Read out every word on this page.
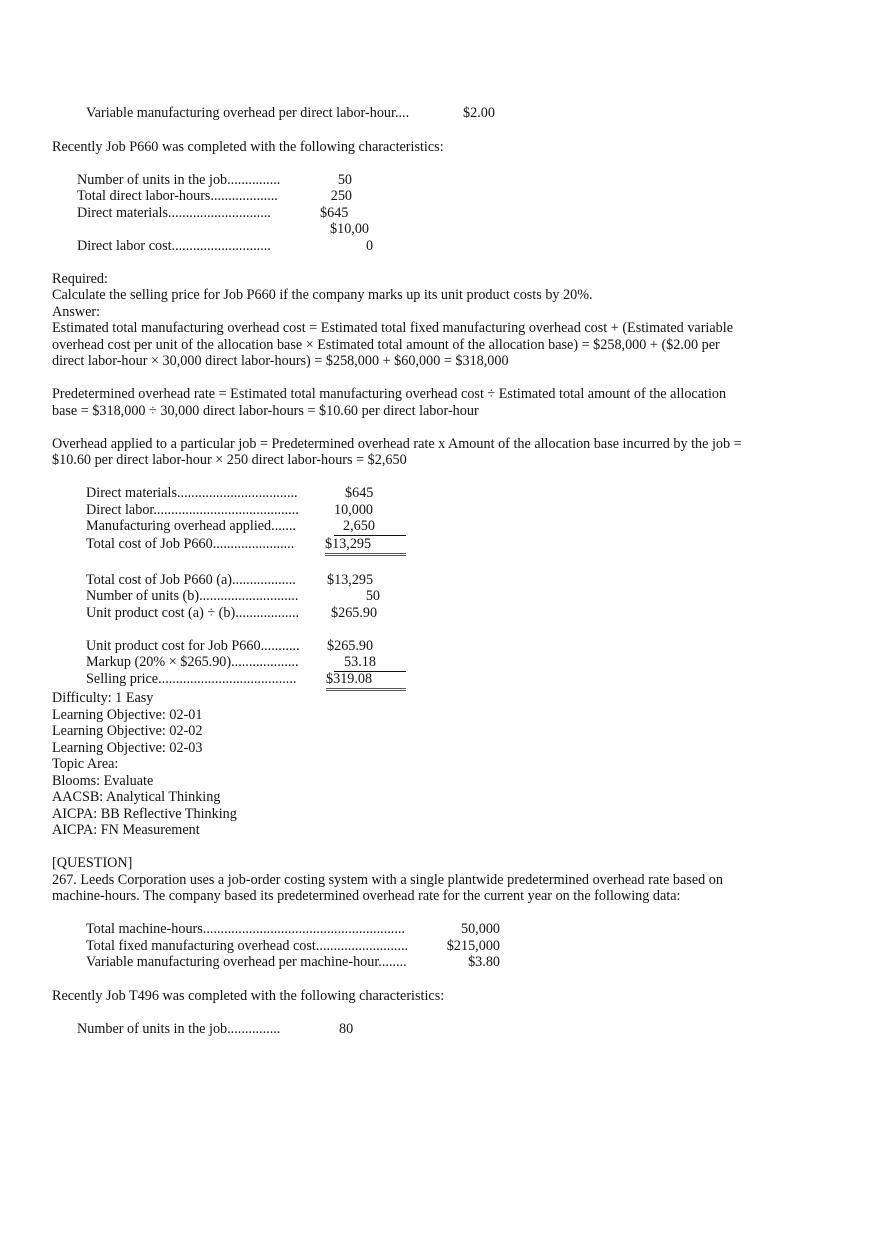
Variable manufacturing overhead per direct labor-hour....	$2.00
Recently Job P660 was completed with the following characteristics:
Number of units in the job...............	50
Total direct labor-hours...................	250
Direct materials.............................	$645
$10,00
Direct labor cost............................	0
Required:
Calculate the selling price for Job P660 if the company marks up its unit product costs by 20%.
Answer:
Estimated total manufacturing overhead cost = Estimated total fixed manufacturing overhead cost + (Estimated variable
overhead cost per unit of the allocation base × Estimated total amount of the allocation base) = $258,000 + ($2.00 per
direct labor-hour × 30,000 direct labor-hours) = $258,000 + $60,000 = $318,000
Predetermined overhead rate = Estimated total manufacturing overhead cost ÷ Estimated total amount of the allocation
base = $318,000 ÷ 30,000 direct labor-hours = $10.60 per direct labor-hour
Overhead applied to a particular job = Predetermined overhead rate x Amount of the allocation base incurred by the job =
$10.60 per direct labor-hour × 250 direct labor-hours = $2,650
Direct materials..................................	$645
Direct labor......................................... 10,000
Manufacturing overhead applied.......	2,650
Total cost of Job P660....................... $13,295
Total cost of Job P660 (a).................. $13,295
Number of units (b)............................	50
Unit product cost (a) ÷ (b).................. $265.90
Unit product cost for Job P660........... $265.90
Markup (20% × $265.90)...................	53.18
Selling price....................................... $319.08
Difficulty: 1 Easy
Learning Objective: 02-01
Learning Objective: 02-02
Learning Objective: 02-03
Topic Area:
Blooms: Evaluate
AACSB: Analytical Thinking
AICPA: BB Reflective Thinking
AICPA: FN Measurement
[QUESTION]
267. Leeds Corporation uses a job-order costing system with a single plantwide predetermined overhead rate based on
machine-hours. The company based its predetermined overhead rate for the current year on the following data:
Total machine-hours.........................................................	50,000
Total fixed manufacturing overhead cost..........................	$215,000
Variable manufacturing overhead per machine-hour........	$3.80
Recently Job T496 was completed with the following characteristics:
Number of units in the job...............	80
